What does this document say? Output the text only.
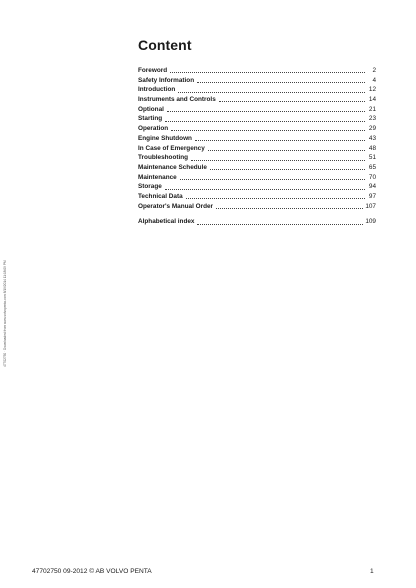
Content
Foreword	2
Safety Information	4
Introduction	12
Instruments and Controls	14
Optional	21
Starting	23
Operation	29
Engine Shutdown	43
In Case of Emergency	48
Troubleshooting	51
Maintenance Schedule	65
Maintenance	70
Storage	94
Technical Data	97
Operator's Manual Order	107
Alphabetical index	109
47702750 · Downloaded from www.volvopenta.com 8/19/2014 11:18:09 PM
47702750 09-2012 © AB VOLVO PENTA	1
